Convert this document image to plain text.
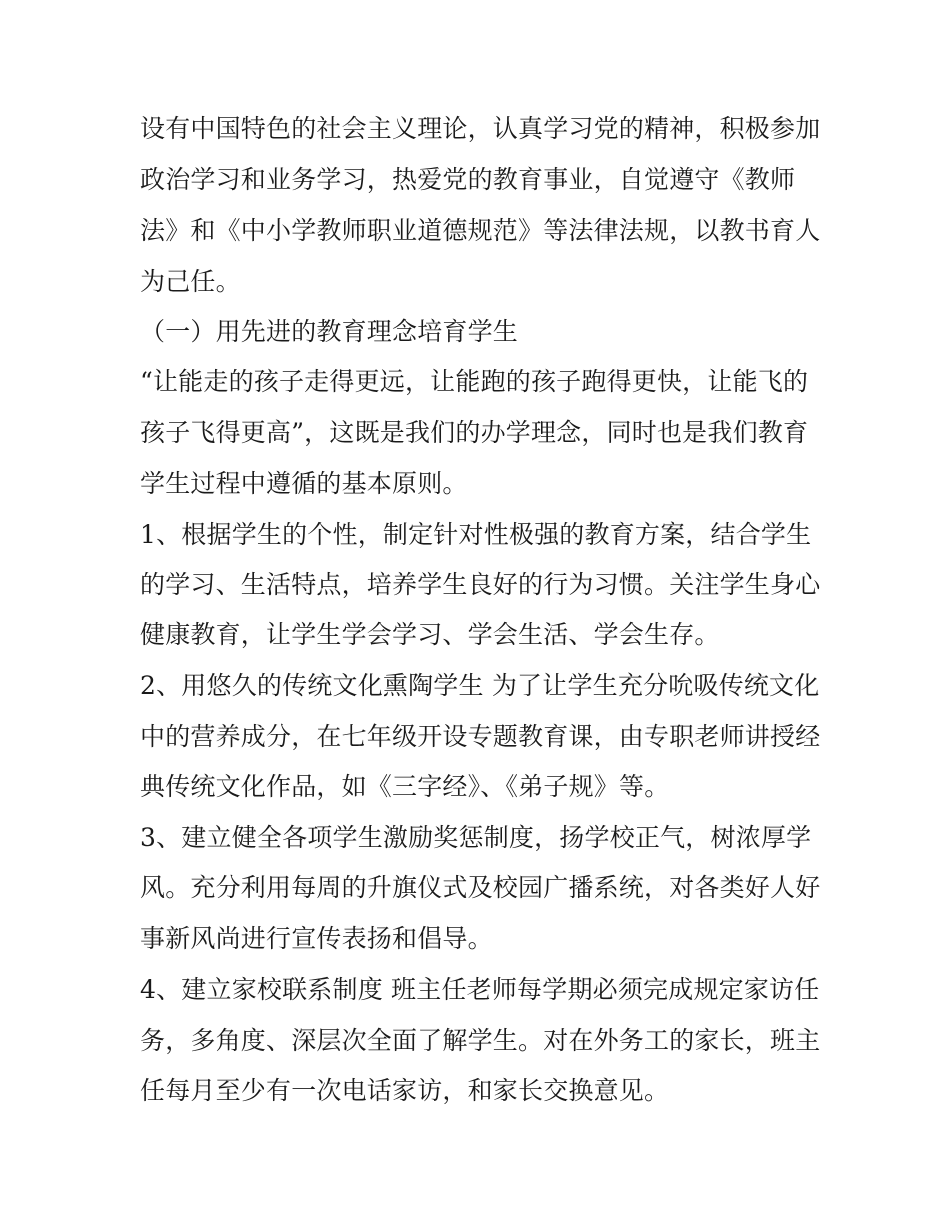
设有中国特色的社会主义理论，认真学习党的精神，积极参加
政治学习和业务学习，热爱党的教育事业，自觉遵守《教师
法》和《中小学教师职业道德规范》等法律法规，以教书育人
为己任。
（一）用先进的教育理念培育学生
“让能走的孩子走得更远，让能跑的孩子跑得更快，让能飞的
孩子飞得更高”，这既是我们的办学理念，同时也是我们教育
学生过程中遵循的基本原则。
1、根据学生的个性，制定针对性极强的教育方案，结合学生
的学习、生活特点，培养学生良好的行为习惯。关注学生身心
健康教育，让学生学会学习、学会生活、学会生存。
2、用悠久的传统文化熏陶学生 为了让学生充分吮吸传统文化
中的营养成分，在七年级开设专题教育课，由专职老师讲授经
典传统文化作品，如《三字经》、《弟子规》等。
3、建立健全各项学生激励奖惩制度，扬学校正气，树浓厚学
风。充分利用每周的升旗仪式及校园广播系统，对各类好人好
事新风尚进行宣传表扬和倡导。
4、建立家校联系制度 班主任老师每学期必须完成规定家访任
务，多角度、深层次全面了解学生。对在外务工的家长，班主
任每月至少有一次电话家访，和家长交换意见。
